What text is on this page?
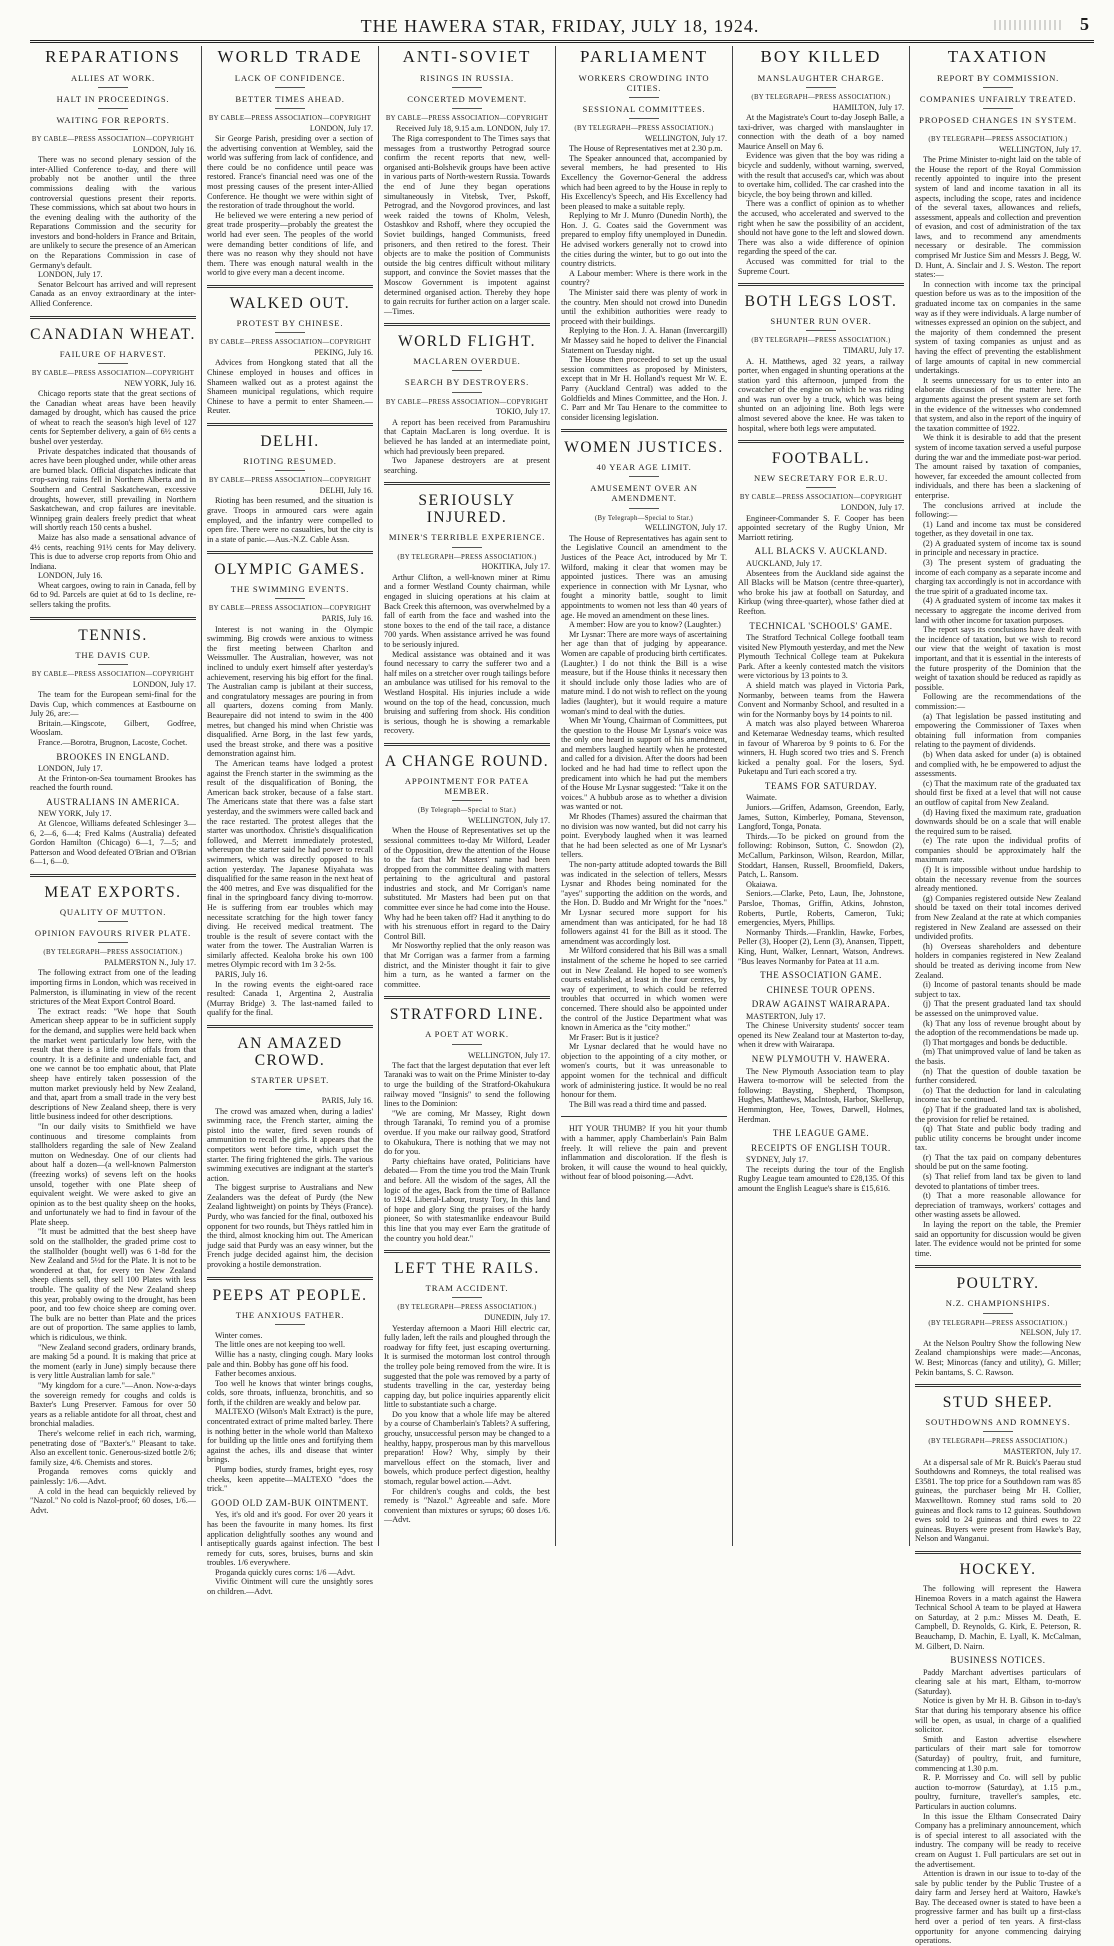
THE HAWERA STAR, FRIDAY, JULY 18, 1924.	5
REPARATIONS
ALLIES AT WORK.
HALT IN PROCEEDINGS.
WAITING FOR REPORTS.
BY CABLE—PRESS ASSOCIATION—COPYRIGHT
LONDON, July 16.

There was no second plenary session of the inter-Allied Conference to-day, and there will probably not be another until the three commissions dealing with the various controversial questions present their reports. These commissions, which sat about two hours in the evening dealing with the authority of the Reparations Commission and the security for investors and bond-holders in France and Britain, are unlikely to secure the presence of an American on the Reparations Commission in case of Germany's default.

LONDON, July 17.

Senator Belcourt has arrived and will represent Canada as an envoy extraordinary at the inter-Allied Conference.

CANADIAN WHEAT.
FAILURE OF HARVEST.
BY CABLE—PRESS ASSOCIATION—COPYRIGHT
NEW YORK, July 16.

Chicago reports state that the great sections of the Canadian wheat areas have been heavily damaged by drought, which has caused the price of wheat to reach the season's high level of 127 cents for September delivery, a gain of 6½ cents a bushel over yesterday.

Private despatches indicated that thousands of acres have been ploughed under, while other areas are burned black. Official dispatches indicate that crop-saving rains fell in Northern Alberta and in Southern and Central Saskatchewan, excessive droughts, however, still prevailing in Northern Saskatchewan, and crop failures are inevitable. Winnipeg grain dealers freely predict that wheat will shortly reach 150 cents a bushel.

Maize has also made a sensational advance of 4½ cents, reaching 91½ cents for May delivery. This is due to adverse crop reports from Ohio and Indiana.

LONDON, July 16.

Wheat cargoes, owing to rain in Canada, fell by 6d to 9d. Parcels are quiet at 6d to 1s decline, re-sellers taking the profits.

TENNIS.
THE DAVIS CUP.
BY CABLE—PRESS ASSOCIATION—COPYRIGHT
LONDON, July 17.

The team for the European semi-final for the Davis Cup, which commences at Eastbourne on July 26, are:—

Britain.—Kingscote, Gilbert, Godfree, Wooslam.

France.—Borotra, Brugnon, Lacoste, Cochet.

BROOKES IN ENGLAND.

LONDON, July 17.

At the Frinton-on-Sea tournament Brookes has reached the fourth round.

AUSTRALIANS IN AMERICA.

NEW YORK, July 17.

At Glencoe, Williams defeated Schlesinger 3—6, 2—6, 6—4; Fred Kalms (Australia) defeated Gordon Hamilton (Chicago) 6—1, 7—5; and Patterson and Wood defeated O'Brian and O'Brian 6—1, 6—0.

MEAT EXPORTS.
QUALITY OF MUTTON.
OPINION FAVOURS RIVER PLATE.
(BY TELEGRAPH—PRESS ASSOCIATION.)
PALMERSTON N., July 17.

The following extract from one of the leading importing firms in London, which was received in Palmerston, is illuminating in view of the recent strictures of the Meat Export Control Board.

The extract reads: "We hope that South American sheep appear to be in sufficient supply for the demand, and supplies were held back when the market went particularly low here, with the result that there is a little more offals from that country. It is a definite and undeniable fact, and one we cannot be too emphatic about, that Plate sheep have entirely taken possession of the mutton market previously held by New Zealand, and that, apart from a small trade in the very best descriptions of New Zealand sheep, there is very little business indeed for other descriptions.

"In our daily visits to Smithfield we have continuous and tiresome complaints from stallholders regarding the sale of New Zealand mutton on Wednesday. One of our clients had about half a dozen—(a well-known Palmerston (freezing works) of sevens left on the hooks unsold, together with one Plate sheep of equivalent weight. We were asked to give an opinion as to the best quality sheep on the hooks, and unfortunately we had to find in favour of the Plate sheep.

"It must be admitted that the best sheep have sold on the stallholder, the graded prime cost to the stallholder (bought well) was 6 1-8d for the New Zealand and 5½d for the Plate. It is not to be wondered at that, for every ten New Zealand sheep clients sell, they sell 100 Plates with less trouble. The quality of the New Zealand sheep this year, probably owing to the drought, has been poor, and too few choice sheep are coming over. The bulk are no better than Plate and the prices are out of proportion. The same applies to lamb, which is ridiculous, we think.

"New Zealand second graders, ordinary brands, are making 5d a pound. It is making that price at the moment (early in June) simply because there is very little Australian lamb for sale."

"My kingdom for a cure."—Anon. Now-a-days the sovereign remedy for coughs and colds is Baxter's Lung Preserver. Famous for over 50 years as a reliable antidote for all throat, chest and bronchial maladies.

There's welcome relief in each rich, warming, penetrating dose of "Baxter's." Pleasant to take. Also an excellent tonic. Generous-sized bottle 2/6; family size, 4/6. Chemists and stores.

Proganda removes corns quickly and painlessly: 1/6.—Advt.

A cold in the head can bequickly relieved by "Nazol." No cold is Nazol-proof; 60 doses, 1/6.—Advt.

WORLD TRADE
LACK OF CONFIDENCE.
BETTER TIMES AHEAD.
BY CABLE—PRESS ASSOCIATION—COPYRIGHT
LONDON, July 17.

Sir George Parish, presiding over a section of the advertising convention at Wembley, said the world was suffering from lack of confidence, and there could be no confidence until peace was restored. France's financial need was one of the most pressing causes of the present inter-Allied Conference. He thought we were within sight of the restoration of trade throughout the world.

He believed we were entering a new period of great trade prosperity—probably the greatest the world had ever seen. The peoples of the world were demanding better conditions of life, and there was no reason why they should not have them. There was enough natural wealth in the world to give every man a decent income.

WALKED OUT.
PROTEST BY CHINESE.
BY CABLE—PRESS ASSOCIATION—COPYRIGHT
PEKING, July 16.

Advices from Hongkong stated that all the Chinese employed in houses and offices in Shameen walked out as a protest against the Shameen municipal regulations, which require Chinese to have a permit to enter Shameen.—Reuter.

DELHI.
RIOTING RESUMED.
BY CABLE—PRESS ASSOCIATION—COPYRIGHT
DELHI, July 16.

Rioting has been resumed, and the situation is grave. Troops in armoured cars were again employed, and the infantry were compelled to open fire. There were no casualties, but the city is in a state of panic.—Aus.-N.Z. Cable Assn.

OLYMPIC GAMES.
THE SWIMMING EVENTS.
BY CABLE—PRESS ASSOCIATION—COPYRIGHT
PARIS, July 16.

Interest is not waning in the Olympic swimming. Big crowds were anxious to witness the first meeting between Charlton and Weissmuller. The Australian, however, was not inclined to unduly exert himself after yesterday's achievement, reserving his big effort for the final. The Australian camp is jubilant at their success, and congratulatory messages are pouring in from all quarters, dozens coming from Manly. Beaurepaire did not intend to swim in the 400 metres, but changed his mind when Christie was disqualified. Arne Borg, in the last few yards, used the breast stroke, and there was a positive demonstration against him.

The American teams have lodged a protest against the French starter in the swimming as the result of the disqualification of Boning, the American back stroker, because of a false start. The Americans state that there was a false start yesterday, and the swimmers were called back and the race restarted. The protest alleges that the starter was unorthodox. Christie's disqualification followed, and Merrett immediately protested, whereupon the starter said he had power to recall swimmers, which was directly opposed to his action yesterday. The Japanese Miyahata was disqualified for the same reason in the next heat of the 400 metres, and Eve was disqualified for the final in the springboard fancy diving to-morrow. He is suffering from ear troubles which may necessitate scratching for the high tower fancy diving. He received medical treatment. The trouble is the result of severe contact with the water from the tower. The Australian Warren is similarly affected. Kealoha broke his own 100 metres Olympic record with 1m 3 2-5s.

PARIS, July 16.

In the rowing events the eight-oared race resulted: Canada 1, Argentina 2, Australia (Murray Bridge) 3. The last-named failed to qualify for the final.

AN AMAZED CROWD.
STARTER UPSET.
PARIS, July 16.

The crowd was amazed when, during a ladies' swimming race, the French starter, aiming the pistol into the water, fired seven rounds of ammunition to recall the girls. It appears that the competitors went before time, which upset the starter. The firing frightened the girls. The various swimming executives are indignant at the starter's action.

The biggest surprise to Australians and New Zealanders was the defeat of Purdy (the New Zealand lightweight) on points by Thèys (France). Purdy, who was fancied for the final, outboxed his opponent for two rounds, but Thèys rattled him in the third, almost knocking him out. The American judge said that Purdy was an easy winner, but the French judge decided against him, the decision provoking a hostile demonstration.

PEEPS AT PEOPLE.
THE ANXIOUS FATHER.

Winter comes.

The little ones are not keeping too well.

Willie has a nasty, clinging cough. Mary looks pale and thin. Bobby has gone off his food.

Father becomes anxious.

Too well he knows that winter brings coughs, colds, sore throats, influenza, bronchitis, and so forth, if the children are weakly and below par.

MALTEXO (Wilson's Malt Extract) is the pure, concentrated extract of prime malted barley. There is nothing better in the whole world than Maltexo for building up the little ones and fortifying them against the aches, ills and disease that winter brings.

Plump bodies, sturdy frames, bright eyes, rosy cheeks, keen appetite—MALTEXO "does the trick."

GOOD OLD ZAM-BUK OINTMENT.

Yes, it's old and it's good. For over 20 years it has been the favourite in many homes. Its first application delightfully soothes any wound and antiseptically guards against infection. The best remedy for cuts, sores, bruises, burns and skin troubles. 1/6 everywhere.

Proganda quickly cures corns: 1/6 —Advt.

Vivific Ointment will cure the unsightly sores on children.—Advt.

ANTI-SOVIET
RISINGS IN RUSSIA.
CONCERTED MOVEMENT.
BY CABLE—PRESS ASSOCIATION—COPYRIGHT
Received July 18, 9.15 a.m. LONDON, July 17.

The Riga correspondent to The Times says that messages from a trustworthy Petrograd source confirm the recent reports that new, well-organised anti-Bolshevik groups have been active in various parts of North-western Russia. Towards the end of June they began operations simultaneously in Vitebsk, Tver, Pskoff, Petrograd, and the Novgorod provinces, and last week raided the towns of Kholm, Velesh, Ostashkov and Rshoff, where they occupied the Soviet buildings, hanged Communists, freed prisoners, and then retired to the forest. Their objects are to make the position of Communists outside the big centres difficult without military support, and convince the Soviet masses that the Moscow Government is impotent against determined organised action. Thereby they hope to gain recruits for further action on a larger scale.—Times.

WORLD FLIGHT.
MACLAREN OVERDUE.
SEARCH BY DESTROYERS.
BY CABLE—PRESS ASSOCIATION—COPYRIGHT
TOKIO, July 17.

A report has been received from Paramushiru that Captain MacLaren is long overdue. It is believed he has landed at an intermediate point, which had previously been prepared.

Two Japanese destroyers are at present searching.

SERIOUSLY INJURED.
MINER'S TERRIBLE EXPERIENCE.
(BY TELEGRAPH—PRESS ASSOCIATION.)
HOKITIKA, July 17.

Arthur Clifton, a well-known miner at Rimu and a former Westland County chairman, while engaged in sluicing operations at his claim at Back Creek this afternoon, was overwhelmed by a fall of earth from the face and washed into the stone boxes to the end of the tail race, a distance 700 yards. When assistance arrived he was found to be seriously injured.

Medical assistance was obtained and it was found necessary to carry the sufferer two and a half miles on a stretcher over rough tailings before an ambulance was utilised for his removal to the Westland Hospital. His injuries include a wide wound on the top of the head, concussion, much bruising and suffering from shock. His condition is serious, though he is showing a remarkable recovery.

A CHANGE ROUND.
APPOINTMENT FOR PATEA MEMBER.
(By Telegraph—Special to Star.)
WELLINGTON, July 17.

When the House of Representatives set up the sessional committees to-day Mr Wilford, Leader of the Opposition, drew the attention of the House to the fact that Mr Masters' name had been dropped from the committee dealing with matters pertaining to the agricultural and pastoral industries and stock, and Mr Corrigan's name substituted. Mr Masters had been put on that committee ever since he had come into the House. Why had he been taken off? Had it anything to do with his strenuous effort in regard to the Dairy Control Bill.

Mr Nosworthy replied that the only reason was that Mr Corrigan was a farmer from a farming district, and the Minister thought it fair to give him a turn, as he wanted a farmer on the committee.

STRATFORD LINE.
A POET AT WORK.
WELLINGTON, July 17.

The fact that the largest deputation that ever left Taranaki was to wait on the Prime Minister to-day to urge the building of the Stratford-Okahukura railway moved "Insignis" to send the following lines to the Dominion:

"We are coming, Mr Massey, Right down through Taranaki, To remind you of a promise overdue. If you make our railway good, Stratford to Okahukura, There is nothing that we may not do for you.

Party chieftains have orated, Politicians have debated— From the time you trod the Main Trunk and before. All the wisdom of the sages, All the logic of the ages, Back from the time of Ballance to 1924. Liberal-Labour, trusty Tory, In this land of hope and glory Sing the praises of the hardy pioneer, So with statesmanlike endeavour Build this line that you may ever Earn the gratitude of the country you hold dear."

LEFT THE RAILS.
TRAM ACCIDENT.
(BY TELEGRAPH—PRESS ASSOCIATION.)
DUNEDIN, July 17.

Yesterday afternoon a Maori Hill electric car, fully laden, left the rails and ploughed through the roadway for fifty feet, just escaping overturning. It is surmised the motorman lost control through the trolley pole being removed from the wire. It is suggested that the pole was removed by a party of students travelling in the car, yesterday being capping day, but police inquiries apparently elicit little to substantiate such a charge.

Do you know that a whole life may be altered by a course of Chamberlain's Tablets? A suffering, grouchy, unsuccessful person may be changed to a healthy, happy, prosperous man by this marvellous preparation! How? Why, simply by their marvellous effect on the stomach, liver and bowels, which produce perfect digestion, healthy stomach, regular bowel action.—Advt.

For children's coughs and colds, the best remedy is "Nazol." Agreeable and safe. More convenient than mixtures or syrups; 60 doses 1/6.—Advt.

PARLIAMENT
WORKERS CROWDING INTO CITIES.
SESSIONAL COMMITTEES.
(BY TELEGRAPH—PRESS ASSOCIATION.)
WELLINGTON, July 17.

The House of Representatives met at 2.30 p.m.

The Speaker announced that, accompanied by several members, he had presented to His Excellency the Governor-General the address which had been agreed to by the House in reply to His Excellency's Speech, and His Excellency had been pleased to make a suitable reply.

Replying to Mr J. Munro (Dunedin North), the Hon. J. G. Coates said the Government was prepared to employ fifty unemployed in Dunedin. He advised workers generally not to crowd into the cities during the winter, but to go out into the country districts.

A Labour member: Where is there work in the country?

The Minister said there was plenty of work in the country. Men should not crowd into Dunedin until the exhibition authorities were ready to proceed with their buildings.

Replying to the Hon. J. A. Hanan (Invercargill) Mr Massey said he hoped to deliver the Financial Statement on Tuesday night.

The House then proceeded to set up the usual session committees as proposed by Ministers, except that in Mr H. Holland's request Mr W. E. Parry (Auckland Central) was added to the Goldfields and Mines Committee, and the Hon. J. C. Parr and Mr Tau Henare to the committee to consider licensing legislation.

WOMEN JUSTICES.
40 YEAR AGE LIMIT.
AMUSEMENT OVER AN AMENDMENT.
(By Telegraph—Special to Star.)
WELLINGTON, July 17.

The House of Representatives has again sent to the Legislative Council an amendment to the Justices of the Peace Act, introduced by Mr T. Wilford, making it clear that women may be appointed justices. There was an amusing experience in connection with Mr Lysnar, who fought a minority battle, sought to limit appointments to women not less than 40 years of age. He moved an amendment on these lines.

A member: How are you to know? (Laughter.)

Mr Lysnar: There are more ways of ascertaining her age than that of judging by appearance. Women are capable of producing birth certificates. (Laughter.) I do not think the Bill is a wise measure, but if the House thinks it necessary then it should include only those ladies who are of mature mind. I do not wish to reflect on the young ladies (laughter), but it would require a mature woman's mind to deal with the duties.

When Mr Young, Chairman of Committees, put the question to the House Mr Lysnar's voice was the only one heard in support of his amendment, and members laughed heartily when he protested and called for a division. After the doors had been locked and he had had time to reflect upon the predicament into which he had put the members of the House Mr Lysnar suggested: "Take it on the voices." A hubbub arose as to whether a division was wanted or not.

Mr Rhodes (Thames) assured the chairman that no division was now wanted, but did not carry his point. Everybody laughed when it was learned that he had been selected as one of Mr Lysnar's tellers.

The non-party attitude adopted towards the Bill was indicated in the selection of tellers, Messrs Lysnar and Rhodes being nominated for the "ayes" supporting the addition on the words, and the Hon. D. Buddo and Mr Wright for the "noes." Mr Lysnar secured more support for his amendment than was anticipated, for he had 18 followers against 41 for the Bill as it stood. The amendment was accordingly lost.

Mr Wilford considered that his Bill was a small instalment of the scheme he hoped to see carried out in New Zealand. He hoped to see women's courts established, at least in the four centres, by way of experiment, to which could be referred troubles that occurred in which women were concerned. There should also be appointed under the control of the Justice Department what was known in America as the "city mother."

Mr Fraser: But is it justice?

Mr Lysnar declared that he would have no objection to the appointing of a city mother, or women's courts, but it was unreasonable to appoint women for the technical and difficult work of administering justice. It would be no real honour for them.

The Bill was read a third time and passed.

HIT YOUR THUMB? If you hit your thumb with a hammer, apply Chamberlain's Pain Balm freely. It will relieve the pain and prevent inflammation and discoloration. If the flesh is broken, it will cause the wound to heal quickly, without fear of blood poisoning.—Advt.

BOY KILLED
MANSLAUGHTER CHARGE.
(BY TELEGRAPH—PRESS ASSOCIATION.)
HAMILTON, July 17.

At the Magistrate's Court to-day Joseph Balle, a taxi-driver, was charged with manslaughter in connection with the death of a boy named Maurice Ansell on May 6.

Evidence was given that the boy was riding a bicycle and suddenly, without warning, swerved, with the result that accused's car, which was about to overtake him, collided. The car crashed into the bicycle, the boy being thrown and killed.

There was a conflict of opinion as to whether the accused, who accelerated and swerved to the right when he saw the possibility of an accident, should not have gone to the left and slowed down. There was also a wide difference of opinion regarding the speed of the car.

Accused was committed for trial to the Supreme Court.

BOTH LEGS LOST.
SHUNTER RUN OVER.
(BY TELEGRAPH—PRESS ASSOCIATION.)
TIMARU, July 17.

A. H. Matthews, aged 32 years, a railway porter, when engaged in shunting operations at the station yard this afternoon, jumped from the cowcatcher of the engine on which he was riding and was run over by a truck, which was being shunted on an adjoining line. Both legs were almost severed above the knee. He was taken to hospital, where both legs were amputated.

FOOTBALL.
NEW SECRETARY FOR E.R.U.
BY CABLE—PRESS ASSOCIATION—COPYRIGHT
LONDON, July 17.

Engineer-Commander S. F. Cooper has been appointed secretary of the Rugby Union, Mr Marriott retiring.

ALL BLACKS V. AUCKLAND.

AUCKLAND, July 17.

Absentees from the Auckland side against the All Blacks will be Matson (centre three-quarter), who broke his jaw at football on Saturday, and Kirkup (wing three-quarter), whose father died at Reefton.

TECHNICAL 'SCHOOLS' GAME.

The Stratford Technical College football team visited New Plymouth yesterday, and met the New Plymouth Technical College team at Pukekura Park. After a keenly contested match the visitors were victorious by 13 points to 3.

A shield match was played in Victoria Park, Normanby, between teams from the Hawera Convent and Normanby School, and resulted in a win for the Normanby boys by 14 points to nil.

A match was also played between Whareroa and Ketemarae Wednesday teams, which resulted in favour of Whareroa by 9 points to 6. For the winners, H. Hugh scored two tries and S. French kicked a penalty goal. For the losers, Syd. Puketapu and Turi each scored a try.

TEAMS FOR SATURDAY.

Waimate.

Juniors.—Griffen, Adamson, Greendon, Early, James, Sutton, Kimberley, Pomana, Stevenson, Langford, Tonga, Ponata.

Thirds.—To be picked on ground from the following: Robinson, Sutton, C. Snowdon (2), McCallum, Parkinson, Wilson, Reardon, Millar, Stoddart, Hansen, Russell, Broomfield, Dakers, Patch, L. Ransom.

Okaiawa.

Seniors.—Clarke, Peto, Laun, Ihe, Johnstone, Parsloe, Thomas, Griffin, Atkins, Johnston, Roberts, Purtle, Roberts, Cameron, Tuki; emergencies, Myers, Phillips.

Normanby Thirds.—Franklin, Hawke, Forbes, Peller (3), Hooper (2), Lenn (3), Anansen, Tippett, King, Hunt, Walker, Lennart, Watson, Andrews. "Bus leaves Normanby for Patea at 11 a.m.

THE ASSOCIATION GAME.

CHINESE TOUR OPENS.

DRAW AGAINST WAIRARAPA.

MASTERTON, July 17.

The Chinese University students' soccer team opened its New Zealand tour at Masterton to-day, when it drew with Wairarapa.

NEW PLYMOUTH V. HAWERA.

The New Plymouth Association team to play Hawera to-morrow will be selected from the following: Baysting, Shepherd, Thompson, Hughes, Matthews, MacIntosh, Harbor, Skellerup, Hemmington, Hee, Towes, Darwell, Holmes, Herdman.

THE LEAGUE GAME.

RECEIPTS OF ENGLISH TOUR.

SYDNEY, July 17.

The receipts during the tour of the English Rugby League team amounted to £28,135. Of this amount the English League's share is £15,616.

TAXATION
REPORT BY COMMISSION.
COMPANIES UNFAIRLY TREATED.
PROPOSED CHANGES IN SYSTEM.
(BY TELEGRAPH—PRESS ASSOCIATION.)
WELLINGTON, July 17.

The Prime Minister to-night laid on the table of the House the report of the Royal Commission recently appointed to inquire into the present system of land and income taxation in all its aspects, including the scope, rates and incidence of the several taxes, allowances and reliefs, assessment, appeals and collection and prevention of evasion, and cost of administration of the tax laws, and to recommend any amendments necessary or desirable. The commission comprised Mr Justice Sim and Messrs J. Begg, W. D. Hunt, A. Sinclair and J. S. Weston. The report states:—

In connection with income tax the principal question before us was as to the imposition of the graduated income tax on companies in the same way as if they were individuals. A large number of witnesses expressed an opinion on the subject, and the majority of them condemned the present system of taxing companies as unjust and as having the effect of preventing the establishment of large amounts of capital in new commercial undertakings.

It seems unnecessary for us to enter into an elaborate discussion of the matter here. The arguments against the present system are set forth in the evidence of the witnesses who condemned that system, and also in the report of the inquiry of the taxation committee of 1922.

We think it is desirable to add that the present system of income taxation served a useful purpose during the war and the immediate post-war period. The amount raised by taxation of companies, however, far exceeded the amount collected from individuals, and there has been a slackening of enterprise.

The conclusions arrived at include the following:—

(1) Land and income tax must be considered together, as they dovetail in one tax.

(2) A graduated system of income tax is sound in principle and necessary in practice.

(3) The present system of graduating the income of each company as a separate income and charging tax accordingly is not in accordance with the true spirit of a graduated income tax.

(4) A graduated system of income tax makes it necessary to aggregate the income derived from land with other income for taxation purposes.

The report says its conclusions have dealt with the incidence of taxation, but we wish to record our view that the weight of taxation is most important, and that it is essential in the interests of the future prosperity of the Dominion that the weight of taxation should be reduced as rapidly as possible.

Following are the recommendations of the commission:—

(a) That legislation be passed instituting and empowering the Commissioner of Taxes when obtaining full information from companies relating to the payment of dividends.

(b) When data asked for under (a) is obtained and complied with, he be empowered to adjust the assessments.

(c) That the maximum rate of the graduated tax should first be fixed at a level that will not cause an outflow of capital from New Zealand.

(d) Having fixed the maximum rate, graduation downwards should be on a scale that will enable the required sum to be raised.

(e) The rate upon the individual profits of companies should be approximately half the maximum rate.

(f) It is impossible without undue hardship to obtain the necessary revenue from the sources already mentioned.

(g) Companies registered outside New Zealand should be taxed on their total incomes derived from New Zealand at the rate at which companies registered in New Zealand are assessed on their undivided profits.

(h) Overseas shareholders and debenture holders in companies registered in New Zealand should be treated as deriving income from New Zealand.

(i) Income of pastoral tenants should be made subject to tax.

(j) That the present graduated land tax should be assessed on the unimproved value.

(k) That any loss of revenue brought about by the adoption of the recommendations be made up.

(l) That mortgages and bonds be deductible.

(m) That unimproved value of land be taken as the basis.

(n) That the question of double taxation be further considered.

(o) That the deduction for land in calculating income tax be continued.

(p) That if the graduated land tax is abolished, the provision for relief be retained.

(q) That State and public body trading and public utility concerns be brought under income tax.

(r) That the tax paid on company debentures should be put on the same footing.

(s) That relief from land tax be given to land devoted to plantations of timber trees.

(t) That a more reasonable allowance for depreciation of tramways, workers' cottages and other wasting assets be allowed.

In laying the report on the table, the Premier said an opportunity for discussion would be given later. The evidence would not be printed for some time.

POULTRY.
N.Z. CHAMPIONSHIPS.
(BY TELEGRAPH—PRESS ASSOCIATION.)
NELSON, July 17.

At the Nelson Poultry Show the following New Zealand championships were made:—Anconas, W. Best; Minorcas (fancy and utility), G. Miller; Pekin bantams, S. C. Rawson.

STUD SHEEP.
SOUTHDOWNS AND ROMNEYS.
(BY TELEGRAPH—PRESS ASSOCIATION.)
MASTERTON, July 17.

At a dispersal sale of Mr R. Buick's Paerau stud Southdowns and Romneys, the total realised was £3581. The top price for a Southdown ram was 85 guineas, the purchaser being Mr H. Collier, Maxwelltown. Romney stud rams sold to 20 guineas and flock rams to 12 guineas. Southdown ewes sold to 24 guineas and third ewes to 22 guineas. Buyers were present from Hawke's Bay, Nelson and Wanganui.

HOCKEY.

The following will represent the Hawera Hinemoa Rovers in a match against the Hawera Technical School A team to be played at Hawera on Saturday, at 2 p.m.: Misses M. Death, E. Campbell, D. Reynolds, G. Kirk, E. Peterson, R. Beauchamp, D. Machin, E. Lyall, K. McCalman, M. Gilbert, D. Nairn.

BUSINESS NOTICES.

Paddy Marchant advertises particulars of clearing sale at his mart, Eltham, to-morrow (Saturday).

Notice is given by Mr H. B. Gibson in to-day's Star that during his temporary absence his office will be open, as usual, in charge of a qualified solicitor.

Smith and Easton advertise elsewhere particulars of their mart sale for tomorrow (Saturday) of poultry, fruit, and furniture, commencing at 1.30 p.m.

R. P. Morrissey and Co. will sell by public auction to-morrow (Saturday), at 1.15 p.m., poultry, furniture, traveller's samples, etc. Particulars in auction columns.

In this issue the Eltham Consecrated Dairy Company has a preliminary announcement, which is of special interest to all associated with the industry. The company will be ready to receive cream on August 1. Full particulars are set out in the advertisement.

Attention is drawn in our issue to to-day of the sale by public tender by the Public Trustee of a dairy farm and Jersey herd at Waitoro, Hawke's Bay. The deceased owner is stated to have been a progressive farmer and has built up a first-class herd over a period of ten years. A first-class opportunity for anyone commencing dairying operations.
